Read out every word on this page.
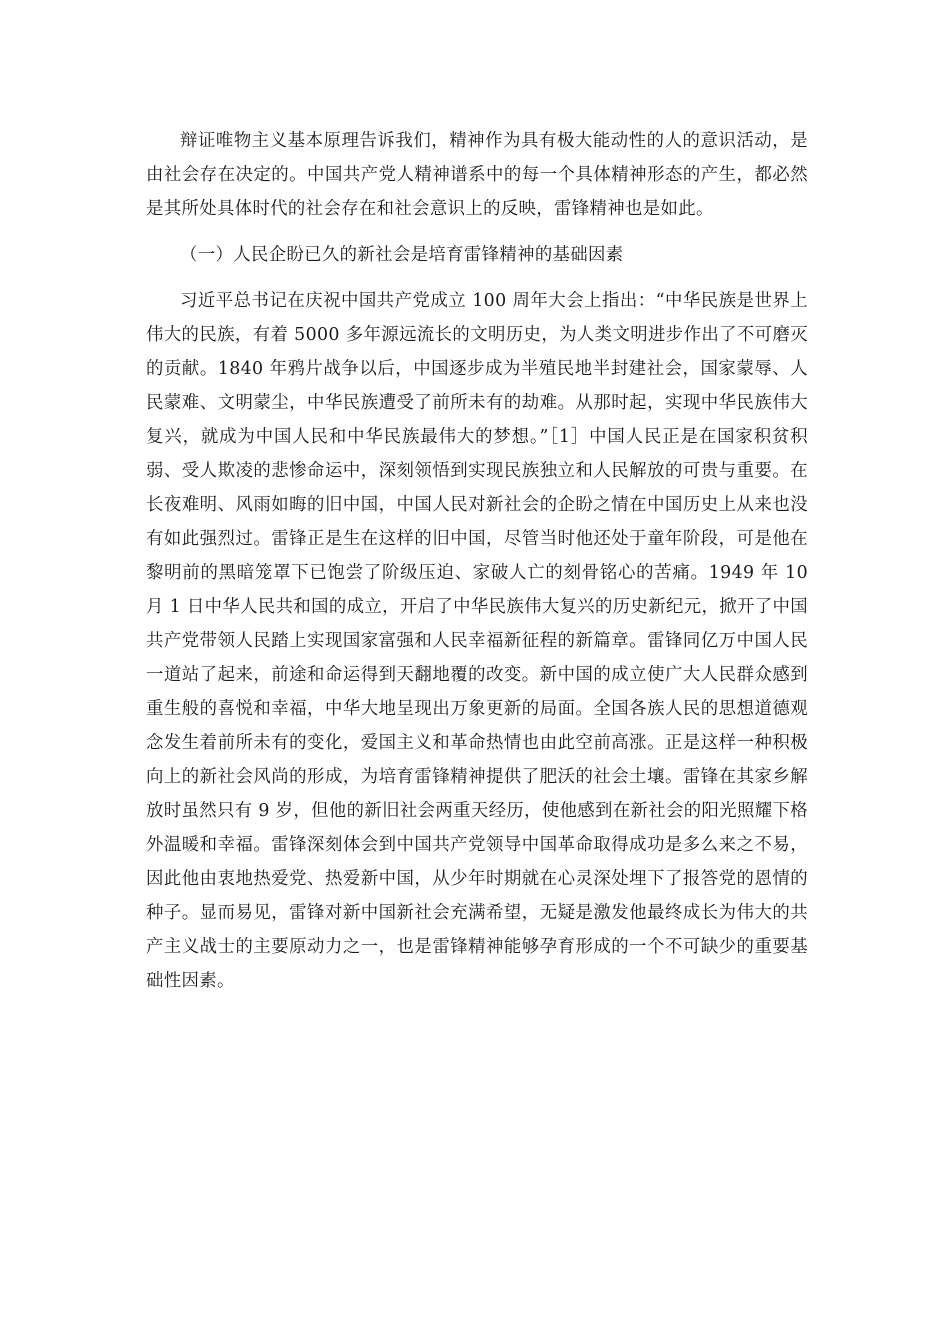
辩证唯物主义基本原理告诉我们，精神作为具有极大能动性的人的意识活动，是由社会存在决定的。中国共产党人精神谱系中的每一个具体精神形态的产生，都必然是其所处具体时代的社会存在和社会意识上的反映，雷锋精神也是如此。

（一）人民企盼已久的新社会是培育雷锋精神的基础因素

习近平总书记在庆祝中国共产党成立 100 周年大会上指出：“中华民族是世界上伟大的民族，有着 5000 多年源远流长的文明历史，为人类文明进步作出了不可磨灭的贡献。1840 年鸦片战争以后，中国逐步成为半殖民地半封建社会，国家蒙辱、人民蒙难、文明蒙尘，中华民族遭受了前所未有的劫难。从那时起，实现中华民族伟大复兴，就成为中国人民和中华民族最伟大的梦想。”［1］中国人民正是在国家积贫积弱、受人欺凌的悲惨命运中，深刻领悟到实现民族独立和人民解放的可贵与重要。在长夜难明、风雨如晦的旧中国，中国人民对新社会的企盼之情在中国历史上从来也没有如此强烈过。雷锋正是生在这样的旧中国，尽管当时他还处于童年阶段，可是他在黎明前的黑暗笼罩下已饱尝了阶级压迫、家破人亡的刻骨铭心的苦痛。1949 年 10 月 1 日中华人民共和国的成立，开启了中华民族伟大复兴的历史新纪元，掀开了中国共产党带领人民踏上实现国家富强和人民幸福新征程的新篇章。雷锋同亿万中国人民一道站了起来，前途和命运得到天翻地覆的改变。新中国的成立使广大人民群众感到重生般的喜悦和幸福，中华大地呈现出万象更新的局面。全国各族人民的思想道德观念发生着前所未有的变化，爱国主义和革命热情也由此空前高涨。正是这样一种积极向上的新社会风尚的形成，为培育雷锋精神提供了肥沃的社会土壤。雷锋在其家乡解放时虽然只有 9 岁，但他的新旧社会两重天经历，使他感到在新社会的阳光照耀下格外温暖和幸福。雷锋深刻体会到中国共产党领导中国革命取得成功是多么来之不易，因此他由衷地热爱党、热爱新中国，从少年时期就在心灵深处埋下了报答党的恩情的种子。显而易见，雷锋对新中国新社会充满希望，无疑是激发他最终成长为伟大的共产主义战士的主要原动力之一，也是雷锋精神能够孕育形成的一个不可缺少的重要基础性因素。
